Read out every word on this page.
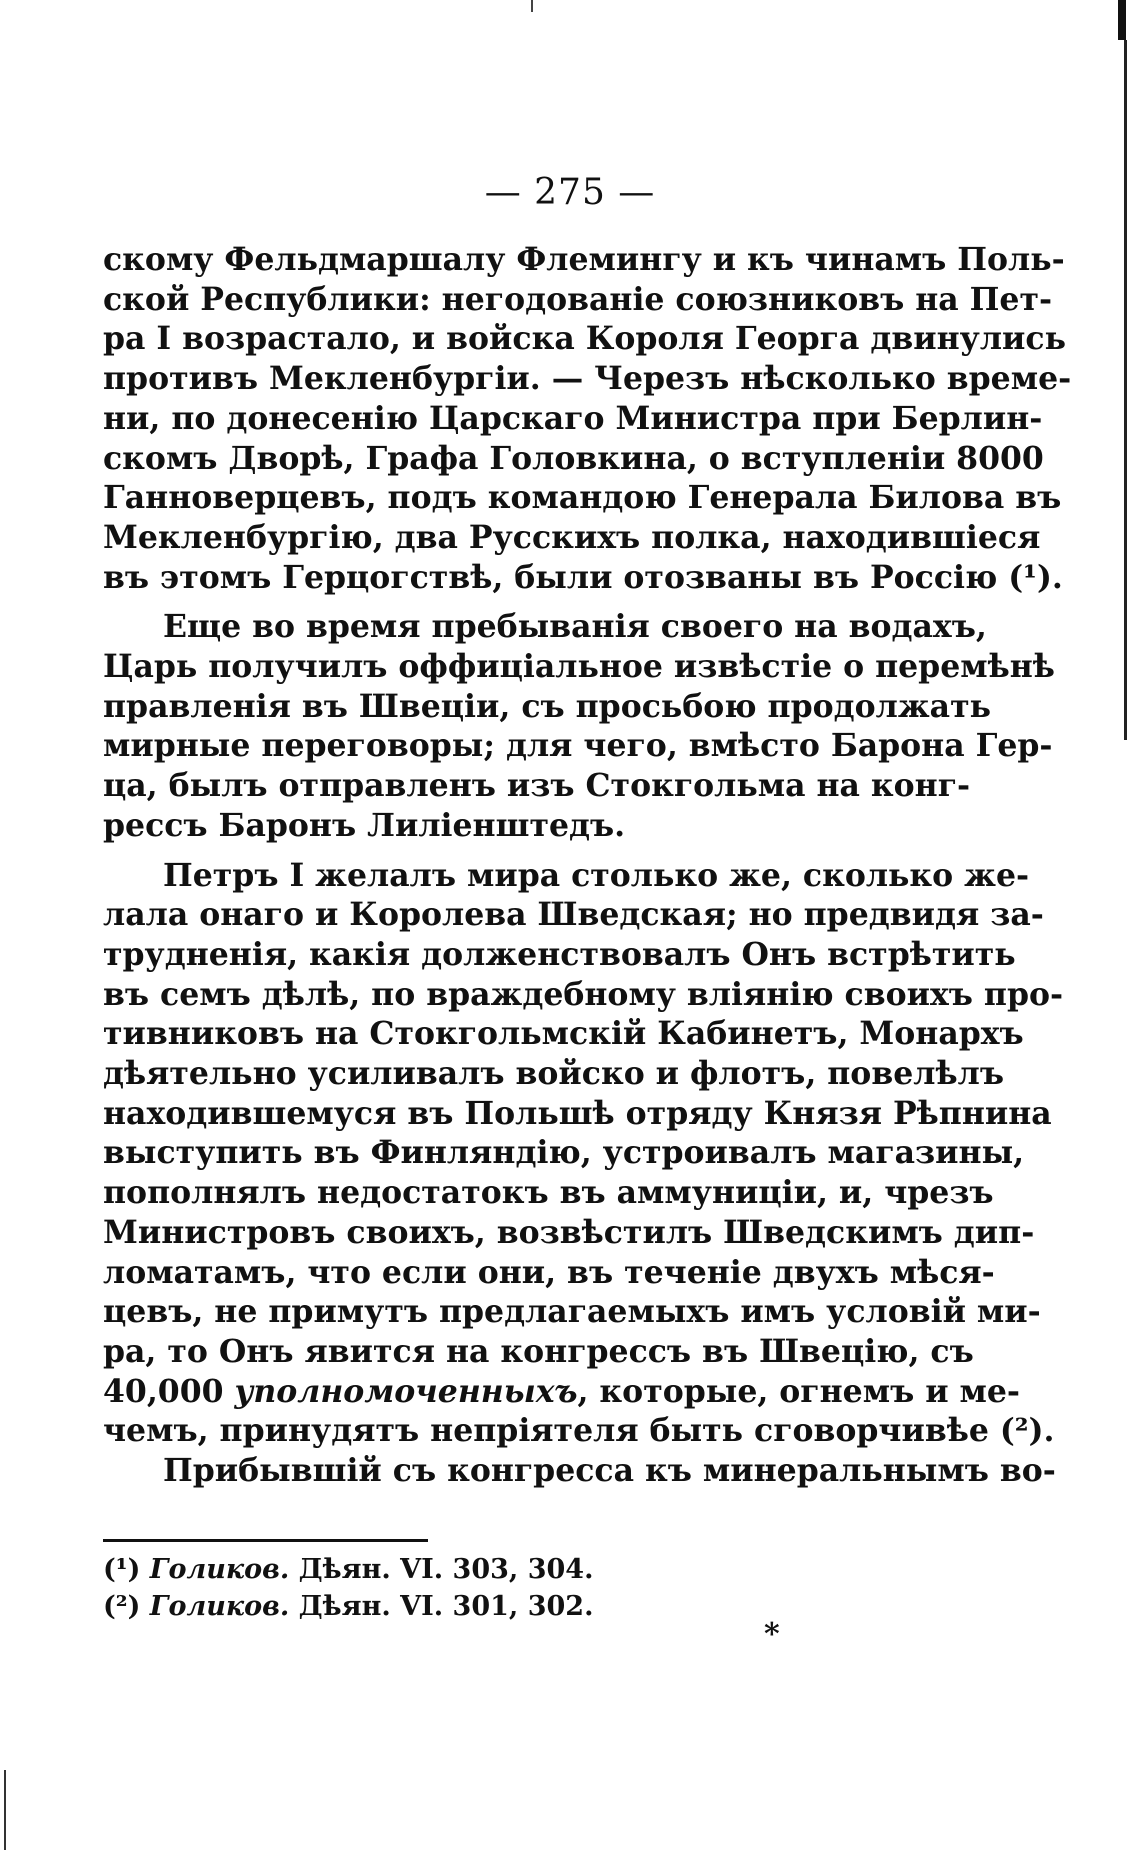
— 275 —
скому Фельдмаршалу Флемингу и къ чинамъ Поль-
ской Республики: негодованіе союзниковъ на Пет-
ра I возрастало, и войска Короля Георга двинулись
противъ Мекленбургіи. — Черезъ нѣсколько време-
ни, по донесенію Царскаго Министра при Берлин-
скомъ Дворѣ, Графа Головкина, о вступленіи 8000
Ганноверцевъ, подъ командою Генерала Билова въ
Мекленбургію, два Русскихъ полка, находившіеся
въ этомъ Герцогствѣ, были отозваны въ Россію (¹).
Еще во время пребыванія своего на водахъ,
Царь получилъ оффиціальное извѣстіе о перемѣнѣ
правленія въ Швеціи, съ просьбою продолжать
мирные переговоры; для чего, вмѣсто Барона Гер-
ца, былъ отправленъ изъ Стокгольма на конг-
рессъ Баронъ Лиліенштедъ.
Петръ I желалъ мира столько же, сколько же-
лала онаго и Королева Шведская; но предвидя за-
трудненія, какія долженствовалъ Онъ встрѣтить
въ семъ дѣлѣ, по враждебному вліянію своихъ про-
тивниковъ на Стокгольмскій Кабинетъ, Монархъ
дѣятельно усиливалъ войско и флотъ, повелѣлъ
находившемуся въ Польшѣ отряду Князя Рѣпнина
выступить въ Финляндію, устроивалъ магазины,
пополнялъ недостатокъ въ аммуниціи, и, чрезъ
Министровъ своихъ, возвѣстилъ Шведскимъ дип-
ломатамъ, что если они, въ теченіе двухъ мѣся-
цевъ, не примутъ предлагаемыхъ имъ условій ми-
ра, то Онъ явится на конгрессъ въ Швецію, съ
40,000 уполномоченныхъ, которые, огнемъ и ме-
чемъ, принудятъ непріятеля быть сговорчивѣе (²).
Прибывшій съ конгресса къ минеральнымъ во-
(¹) Голиков. Дѣян. VI. 303, 304.
(²) Голиков. Дѣян. VI. 301, 302.
*
